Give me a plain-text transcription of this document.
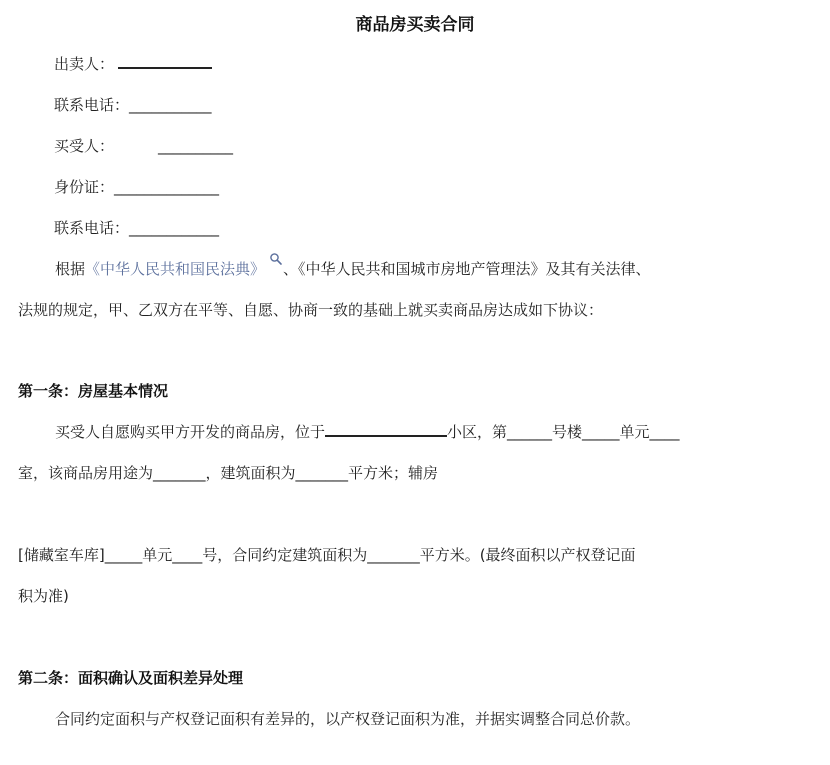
商品房买卖合同
出卖人：
联系电话：___________
买受人：	__________
身份证：______________
联系电话：____________
根据《中华人民共和国民法典》 、《中华人民共和国城市房地产管理法》及其有关法律、
法规的规定，甲、乙双方在平等、自愿、协商一致的基础上就买卖商品房达成如下协议：
第一条：房屋基本情况
买受人自愿购买甲方开发的商品房，位于	小区，第______号楼_____单元____
室，该商品房用途为_______，建筑面积为_______平方米；辅房
[储藏室车库]_____单元____号，合同约定建筑面积为_______平方米。(最终面积以产权登记面
积为准)
第二条：面积确认及面积差异处理
合同约定面积与产权登记面积有差异的，以产权登记面积为准，并据实调整合同总价款。
